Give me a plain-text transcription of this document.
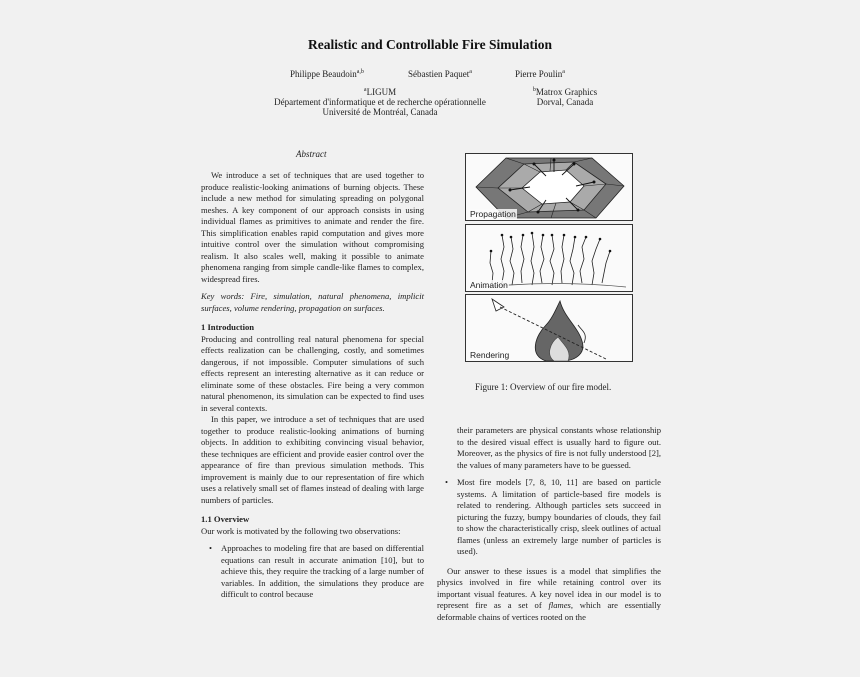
Realistic and Controllable Fire Simulation
Philippe Beaudoin$^{a,b}$	Sébastien Paquet$^a$	Pierre Poulin$^a$
$^a$LIGUM
Département d'informatique et de recherche opérationnelle
Université de Montréal, Canada
$^b$Matrox Graphics
Dorval, Canada
Abstract

We introduce a set of techniques that are used together to produce realistic-looking animations of burning objects. These include a new method for simulating spreading on polygonal meshes. A key component of our approach consists in using individual flames as primitives to animate and render the fire. This simplification enables rapid computation and gives more intuitive control over the simulation without compromising realism. It also scales well, making it possible to animate phenomena ranging from simple candle-like flames to complex, widespread fires.

Key words: Fire, simulation, natural phenomena, implicit surfaces, volume rendering, propagation on surfaces.

1 Introduction

Producing and controlling real natural phenomena for special effects realization can be challenging, costly, and sometimes dangerous, if not impossible. Computer simulations of such effects represent an interesting alternative as it can reduce or eliminate some of these obstacles. Fire being a very common natural phenomenon, its simulation can be expected to find uses in several contexts.

In this paper, we introduce a set of techniques that are used together to produce realistic-looking animations of burning objects. In addition to exhibiting convincing visual behavior, these techniques are efficient and provide easier control over the appearance of fire than previous simulation methods. This improvement is mainly due to our representation of fire which uses a relatively small set of flames instead of dealing with large numbers of particles.

1.1 Overview

Our work is motivated by the following two observations:

• Approaches to modeling fire that are based on differential equations can result in accurate animation [10], but to achieve this, they require the tracking of a large number of variables. In addition, the simulations they produce are difficult to control because
Propagation
Animation
Rendering
Figure 1: Overview of our fire model.
their parameters are physical constants whose relationship to the desired visual effect is usually hard to figure out. Moreover, as the physics of fire is not fully understood [2], the values of many parameters have to be guessed.
• Most fire models [7, 8, 10, 11] are based on particle systems. A limitation of particle-based fire models is related to rendering. Although particles sets succeed in picturing the fuzzy, bumpy boundaries of clouds, they fail to show the characteristically crisp, sleek outlines of actual flames (unless an extremely large number of particles is used).

Our answer to these issues is a model that simplifies the physics involved in fire while retaining control over its important visual features. A key novel idea in our model is to represent fire as a set of flames, which are essentially deformable chains of vertices rooted on the
